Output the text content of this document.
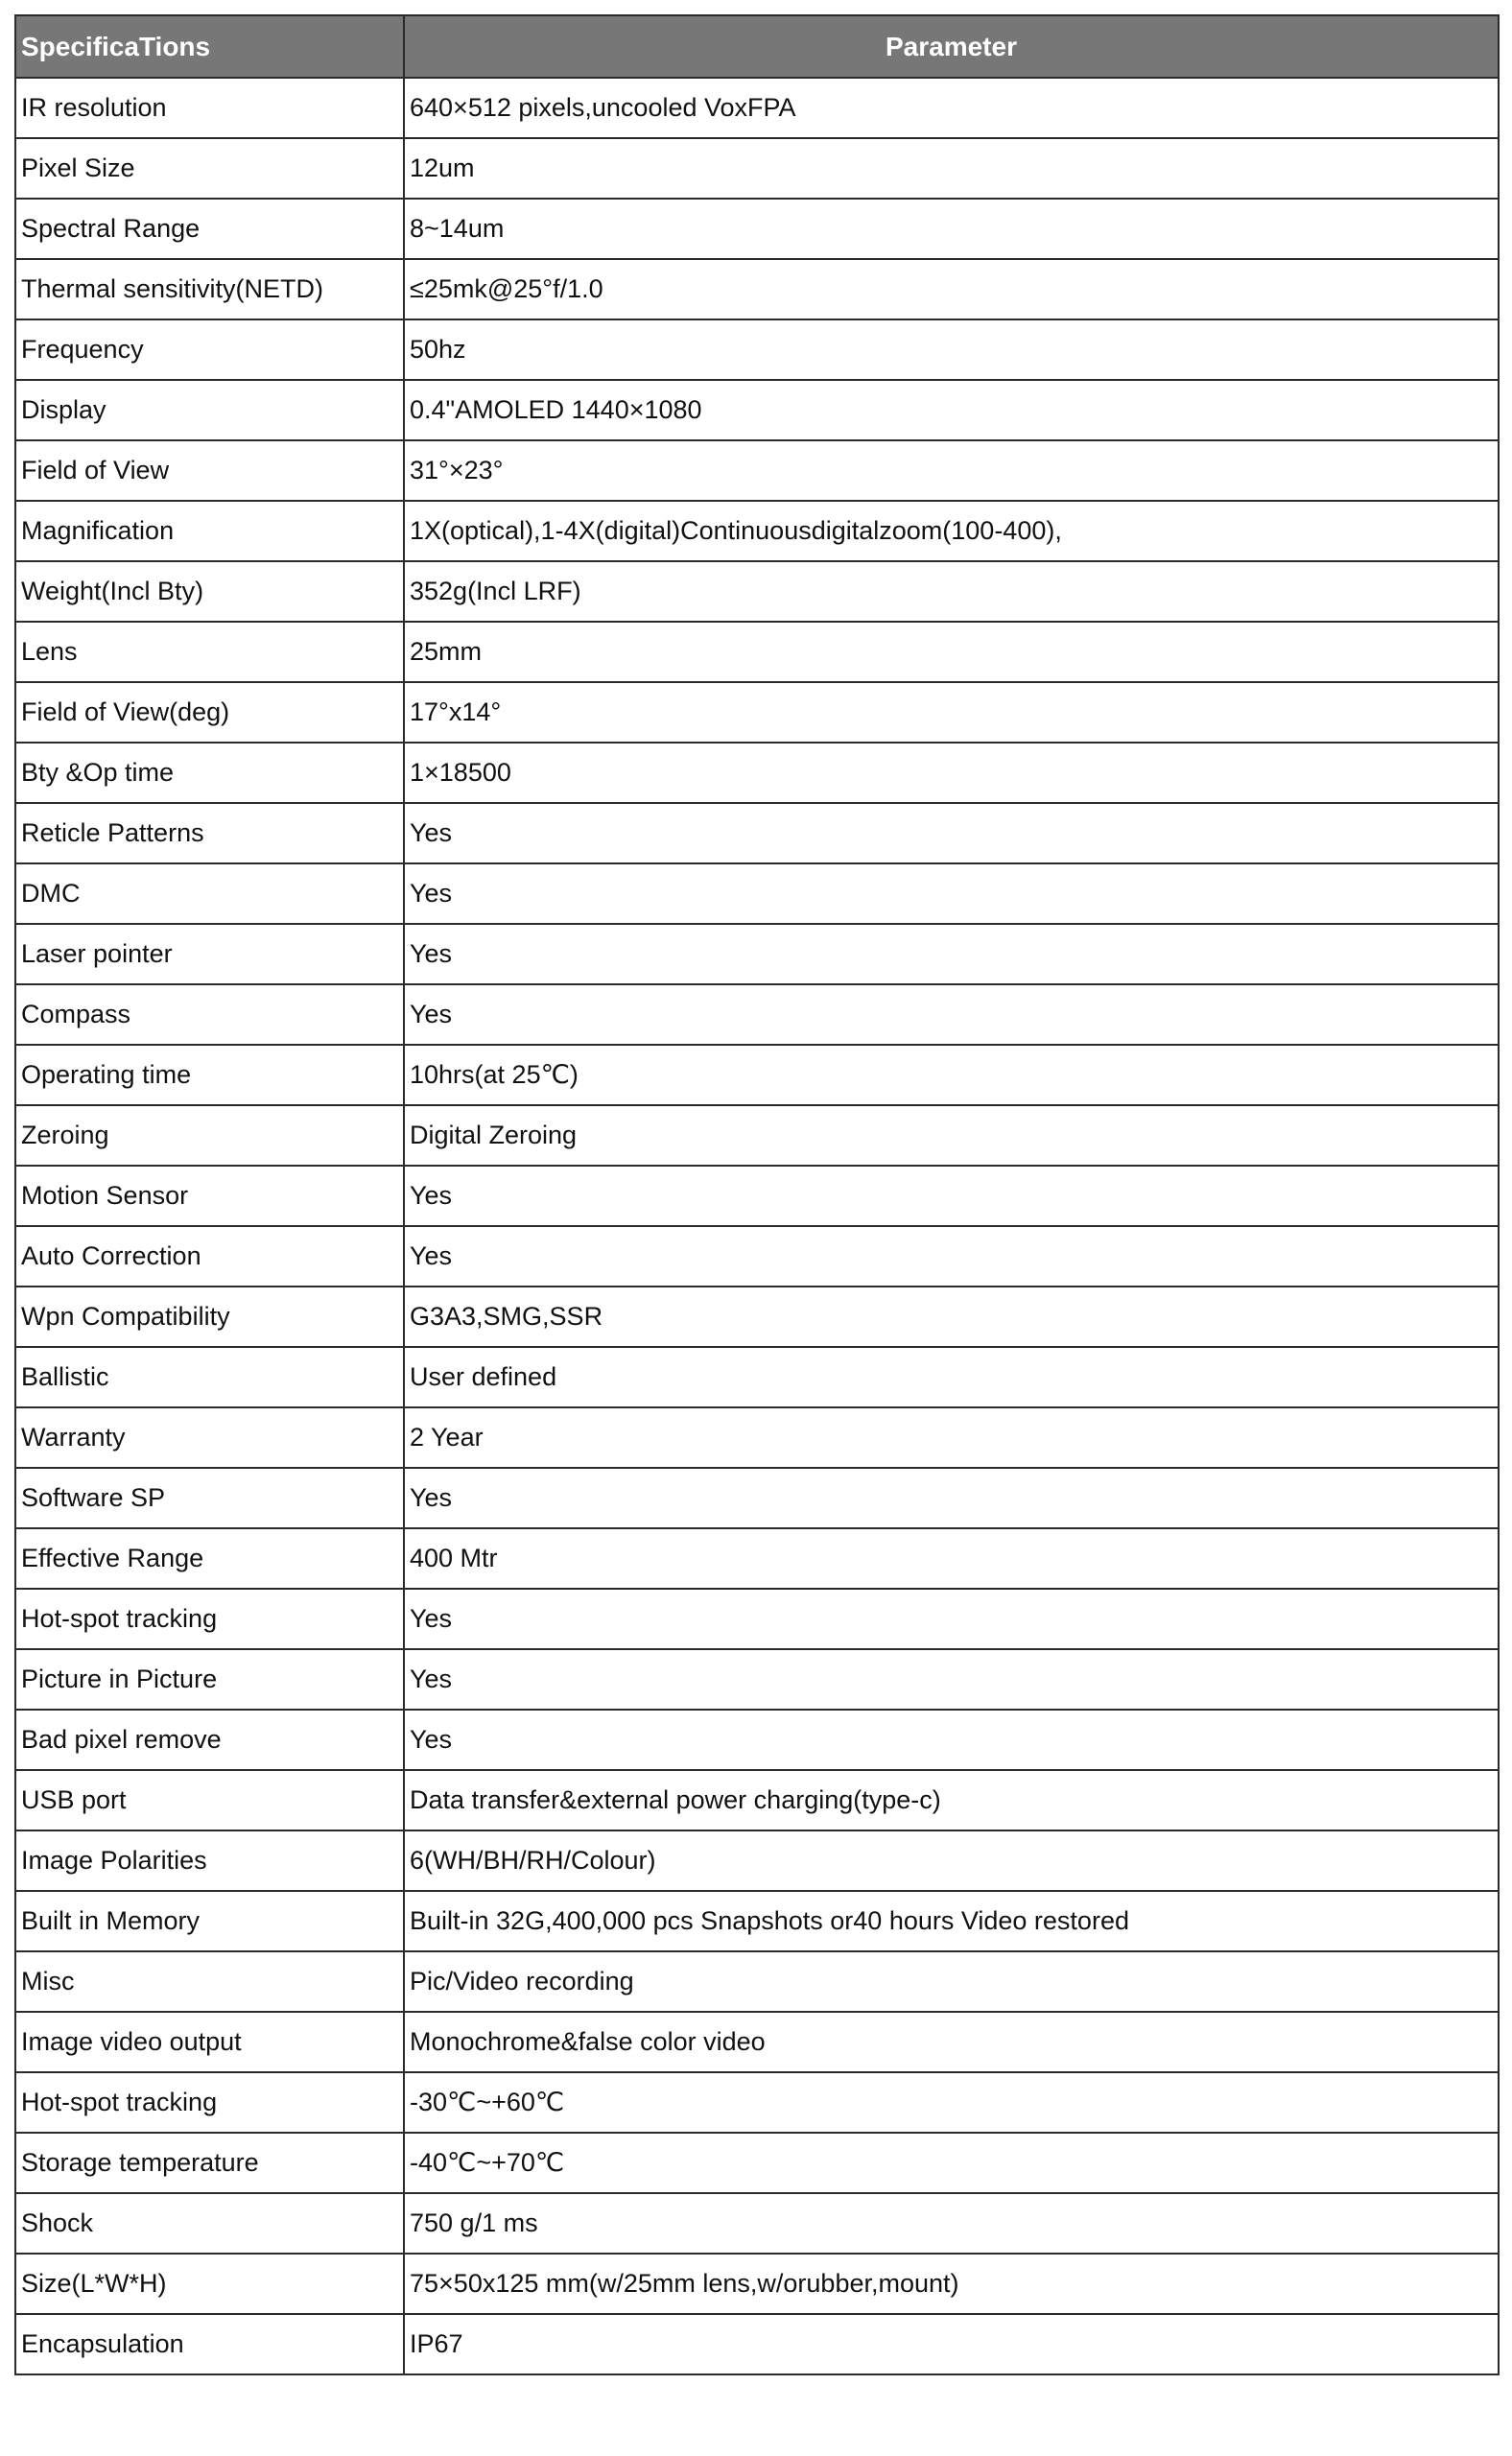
SpecificaTions	Parameter
IR resolution	640×512 pixels,uncooled VoxFPA
Pixel Size	12um
Spectral Range	8~14um
Thermal sensitivity(NETD)	≤25mk@25°f/1.0
Frequency	50hz
Display	0.4"AMOLED 1440×1080
Field of View	31°×23°
Magnification	1X(optical),1-4X(digital)Continuousdigitalzoom(100-400),
Weight(Incl Bty)	352g(Incl LRF)
Lens	25mm
Field of View(deg)	17°x14°
Bty &Op time	1×18500
Reticle Patterns	Yes
DMC	Yes
Laser pointer	Yes
Compass	Yes
Operating time	10hrs(at 25℃)
Zeroing	Digital Zeroing
Motion Sensor	Yes
Auto Correction	Yes
Wpn Compatibility	G3A3,SMG,SSR
Ballistic	User defined
Warranty	2 Year
Software SP	Yes
Effective Range	400 Mtr
Hot-spot tracking	Yes
Picture in Picture	Yes
Bad pixel remove	Yes
USB port	Data transfer&external power charging(type-c)
Image Polarities	6(WH/BH/RH/Colour)
Built in Memory	Built-in 32G,400,000 pcs Snapshots or40 hours Video restored
Misc	Pic/Video recording
Image video output	Monochrome&false color video
Hot-spot tracking	-30℃~+60℃
Storage temperature	-40℃~+70℃
Shock	750 g/1 ms
Size(L*W*H)	75×50x125 mm(w/25mm lens,w/orubber,mount)
Encapsulation	IP67
